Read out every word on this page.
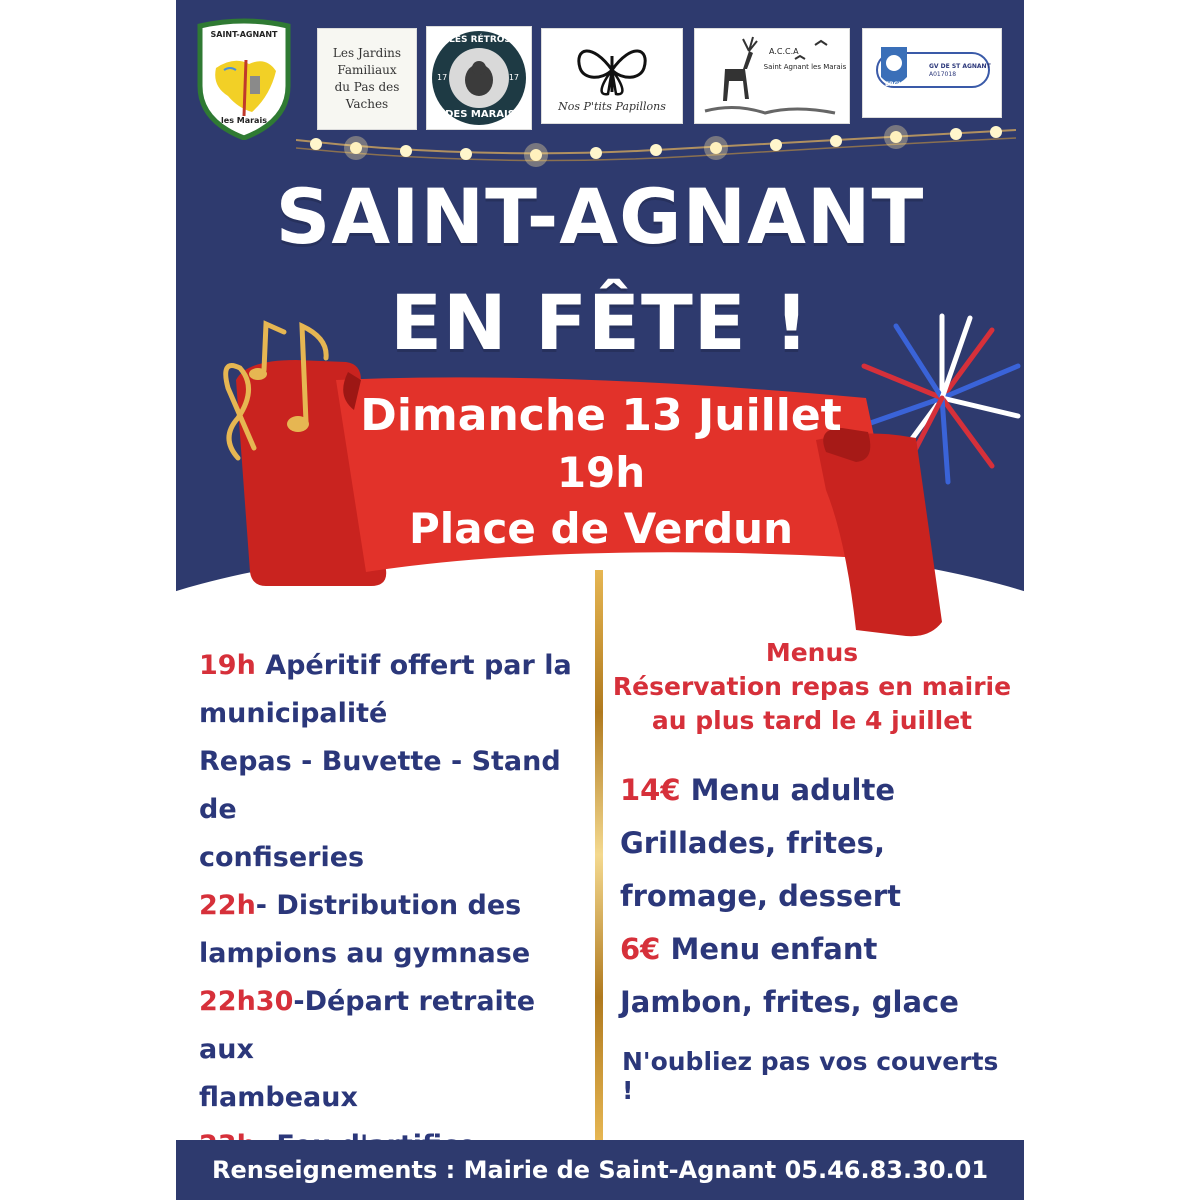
SAINT-AGNANT
les Marais
Les Jardins
Familiaux
du Pas des
Vaches
LES RÉTROS
DES MARAIS
17	17
Nos P'tits Papillons
A.C.C.A
Saint Agnant les Marais
EPGV
GV DE ST AGNANT
A017018
SAINT-AGNANT
EN FÊTE !
Dimanche 13 Juillet
19h
Place de Verdun
19h Apéritif offert par la
municipalité
Repas - Buvette - Stand de
confiseries
22h- Distribution des
lampions au gymnase
22h30-Départ retraite aux
flambeaux

Menus
Réservation repas en mairie
au plus tard le 4 juillet
14€ Menu adulte
Grillades, frites,
fromage, dessert
6€ Menu enfant
Jambon, frites, glace
N'oubliez pas vos couverts !
Renseignements : Mairie de Saint-Agnant 05.46.83.30.01
